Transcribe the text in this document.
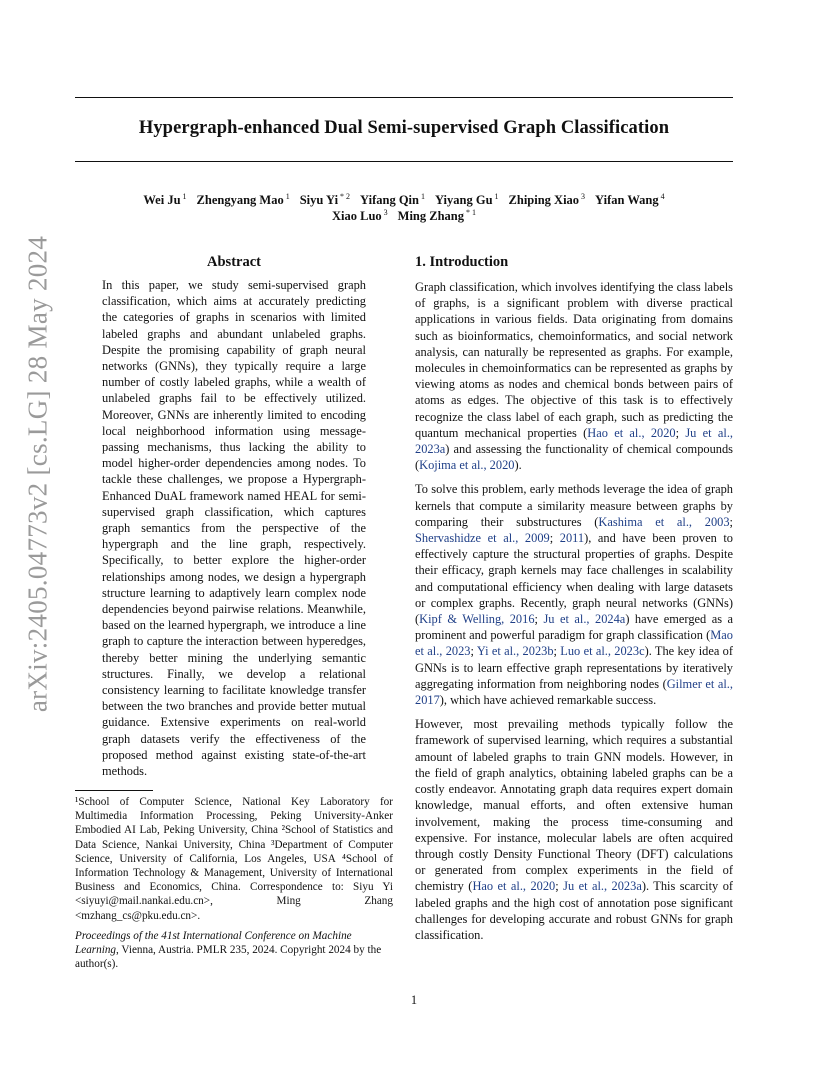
arXiv:2405.04773v2 [cs.LG] 28 May 2024
Hypergraph-enhanced Dual Semi-supervised Graph Classification
Wei Ju $^1$ Zhengyang Mao $^1$ Siyu Yi $^{* 2}$ Yifang Qin $^1$ Yiyang Gu $^1$ Zhiping Xiao $^3$ Yifan Wang $^4$
Xiao Luo $^3$ Ming Zhang $^{* 1}$
Abstract
In this paper, we study semi-supervised graph classification, which aims at accurately predicting the categories of graphs in scenarios with limited labeled graphs and abundant unlabeled graphs. Despite the promising capability of graph neural networks (GNNs), they typically require a large number of costly labeled graphs, while a wealth of unlabeled graphs fail to be effectively utilized. Moreover, GNNs are inherently limited to encoding local neighborhood information using message-passing mechanisms, thus lacking the ability to model higher-order dependencies among nodes. To tackle these challenges, we propose a Hypergraph-Enhanced DuAL framework named HEAL for semi-supervised graph classification, which captures graph semantics from the perspective of the hypergraph and the line graph, respectively. Specifically, to better explore the higher-order relationships among nodes, we design a hypergraph structure learning to adaptively learn complex node dependencies beyond pairwise relations. Meanwhile, based on the learned hypergraph, we introduce a line graph to capture the interaction between hyperedges, thereby better mining the underlying semantic structures. Finally, we develop a relational consistency learning to facilitate knowledge transfer between the two branches and provide better mutual guidance. Extensive experiments on real-world graph datasets verify the effectiveness of the proposed method against existing state-of-the-art methods.
¹School of Computer Science, National Key Laboratory for Multimedia Information Processing, Peking University-Anker Embodied AI Lab, Peking University, China ²School of Statistics and Data Science, Nankai University, China ³Department of Computer Science, University of California, Los Angeles, USA ⁴School of Information Technology & Management, University of International Business and Economics, China. Correspondence to: Siyu Yi <siyuyi@mail.nankai.edu.cn>, Ming Zhang <mzhang_cs@pku.edu.cn>.
Proceedings of the 41st International Conference on Machine Learning, Vienna, Austria. PMLR 235, 2024. Copyright 2024 by the author(s).
1. Introduction

Graph classification, which involves identifying the class labels of graphs, is a significant problem with diverse practical applications in various fields. Data originating from domains such as bioinformatics, chemoinformatics, and social network analysis, can naturally be represented as graphs. For example, molecules in chemoinformatics can be represented as graphs by viewing atoms as nodes and chemical bonds between pairs of atoms as edges. The objective of this task is to effectively recognize the class label of each graph, such as predicting the quantum mechanical properties (Hao et al., 2020; Ju et al., 2023a) and assessing the functionality of chemical compounds (Kojima et al., 2020).

To solve this problem, early methods leverage the idea of graph kernels that compute a similarity measure between graphs by comparing their substructures (Kashima et al., 2003; Shervashidze et al., 2009; 2011), and have been proven to effectively capture the structural properties of graphs. Despite their efficacy, graph kernels may face challenges in scalability and computational efficiency when dealing with large datasets or complex graphs. Recently, graph neural networks (GNNs) (Kipf & Welling, 2016; Ju et al., 2024a) have emerged as a prominent and powerful paradigm for graph classification (Mao et al., 2023; Yi et al., 2023b; Luo et al., 2023c). The key idea of GNNs is to learn effective graph representations by iteratively aggregating information from neighboring nodes (Gilmer et al., 2017), which have achieved remarkable success.

However, most prevailing methods typically follow the framework of supervised learning, which requires a substantial amount of labeled graphs to train GNN models. However, in the field of graph analytics, obtaining labeled graphs can be a costly endeavor. Annotating graph data requires expert domain knowledge, manual efforts, and often extensive human involvement, making the process time-consuming and expensive. For instance, molecular labels are often acquired through costly Density Functional Theory (DFT) calculations or generated from complex experiments in the field of chemistry (Hao et al., 2020; Ju et al., 2023a). This scarcity of labeled graphs and the high cost of annotation pose significant challenges for developing accurate and robust GNNs for graph classification.

1
